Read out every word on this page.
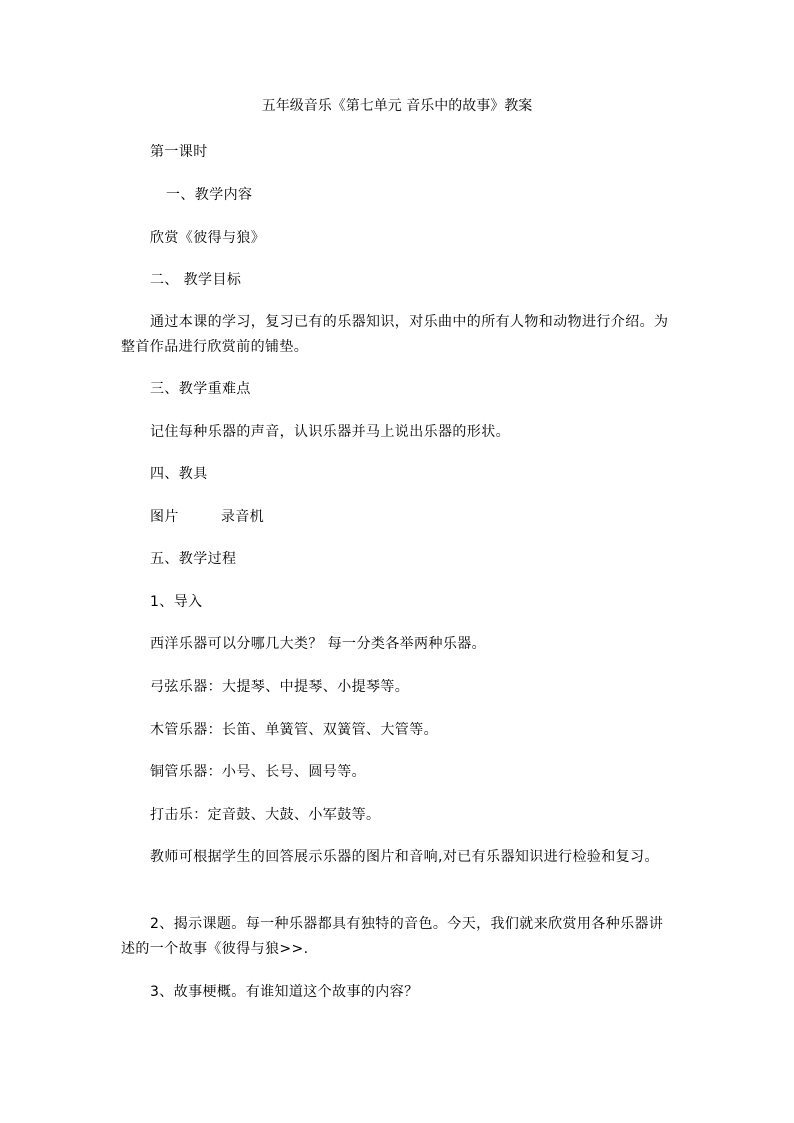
五年级音乐《第七单元 音乐中的故事》教案
第一课时
一、教学内容
欣赏《彼得与狼》
二、 教学目标
通过本课的学习，复习已有的乐器知识，对乐曲中的所有人物和动物进行介绍。为整首作品进行欣赏前的铺垫。
三、教学重难点
记住每种乐器的声音，认识乐器并马上说出乐器的形状。
四、教具
图片	录音机
五、教学过程
1、导入
西洋乐器可以分哪几大类？ 每一分类各举两种乐器。
弓弦乐器：大提琴、中提琴、小提琴等。
木管乐器：长笛、单簧管、双簧管、大管等。
铜管乐器：小号、长号、圆号等。
打击乐：定音鼓、大鼓、小军鼓等。
教师可根据学生的回答展示乐器的图片和音响,对已有乐器知识进行检验和复习。
2、揭示课题。每一种乐器都具有独特的音色。今天，我们就来欣赏用各种乐器讲述的一个故事《彼得与狼>>.
3、故事梗概。有谁知道这个故事的内容？
